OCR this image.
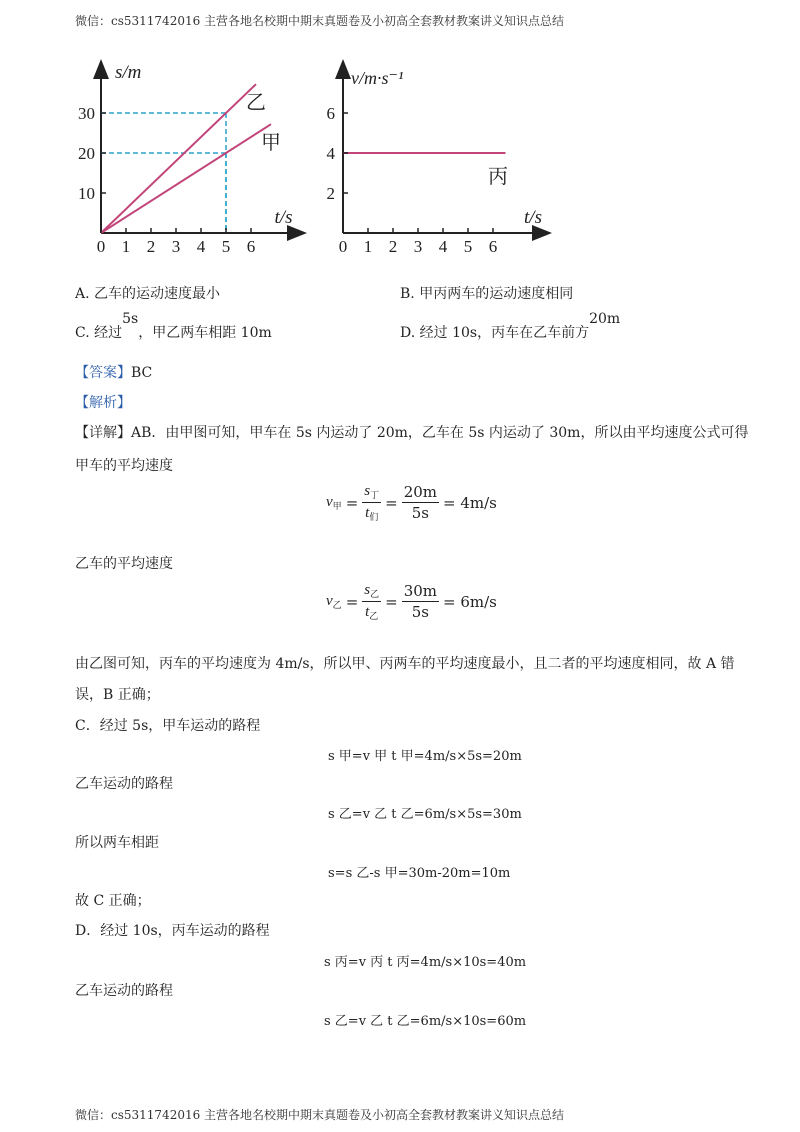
微信：cs5311742016 主营各地名校期中期末真题卷及小初高全套教材教案讲义知识点总结
0 1 2 3 4 5 6
10
20
30
s/m
t/s
乙
甲
0 1 2 3 4 5 6
2
4
6
v/m·s⁻¹
t/s
丙
A. 乙车的运动速度最小	B. 甲丙两车的运动速度相同
C. 经过5s，甲乙两车相距 10m	D. 经过 10s，丙车在乙车前方20m
【答案】BC
【解析】
【详解】AB．由甲图可知，甲车在 5s 内运动了 20m，乙车在 5s 内运动了 30m，所以由平均速度公式可得
甲车的平均速度
$v_甲 = \frac{s_丁}{t_们} = \frac{20m}{5s} = 4m/s$
乙车的平均速度
$v_乙 = \frac{s_乙}{t_乙} = \frac{30m}{5s} = 6m/s$
由乙图可知，丙车的平均速度为 4m/s，所以甲、丙两车的平均速度最小，且二者的平均速度相同，故 A 错
误，B 正确；
C．经过 5s，甲车运动的路程
s 甲=v 甲 t 甲=4m/s×5s=20m
乙车运动的路程
s 乙=v 乙 t 乙=6m/s×5s=30m
所以两车相距
s=s 乙-s 甲=30m-20m=10m
故 C 正确；
D．经过 10s，丙车运动的路程
s 丙=v 丙 t 丙=4m/s×10s=40m
乙车运动的路程
s 乙=v 乙 t 乙=6m/s×10s=60m
微信：cs5311742016 主营各地名校期中期末真题卷及小初高全套教材教案讲义知识点总结
